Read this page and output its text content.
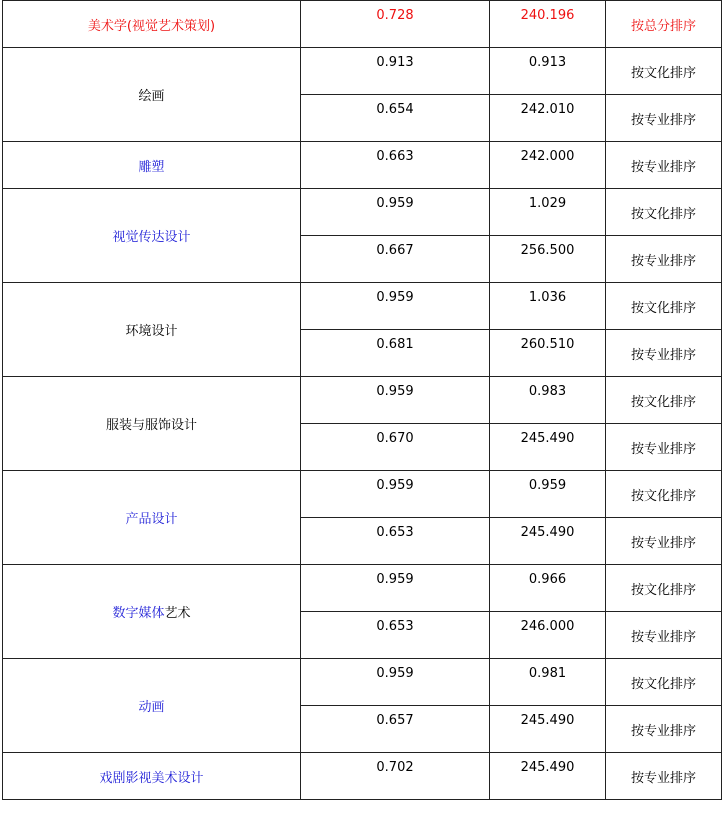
美术学(视觉艺术策划)	0.728	240.196	按总分排序
绘画	0.913	0.913	按文化排序
	0.654	242.010	按专业排序
雕塑	0.663	242.000	按专业排序
视觉传达设计	0.959	1.029	按文化排序
	0.667	256.500	按专业排序
环境设计	0.959	1.036	按文化排序
	0.681	260.510	按专业排序
服装与服饰设计	0.959	0.983	按文化排序
	0.670	245.490	按专业排序
产品设计	0.959	0.959	按文化排序
	0.653	245.490	按专业排序
数字媒体艺术	0.959	0.966	按文化排序
	0.653	246.000	按专业排序
动画	0.959	0.981	按文化排序
	0.657	245.490	按专业排序
戏剧影视美术设计	0.702	245.490	按专业排序
